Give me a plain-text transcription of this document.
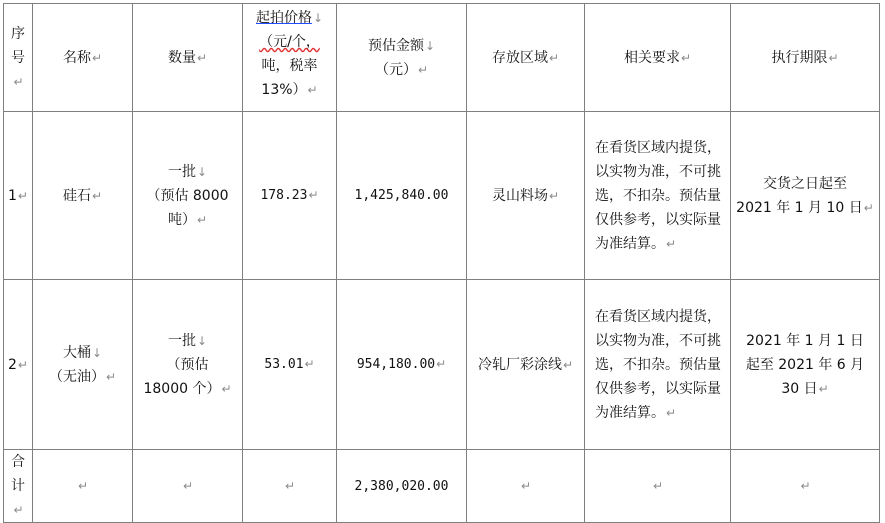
序
号↵	名称↵	数量↵	起拍价格↓
（元/个，
吨，税率
13%）↵	预估金额↓
（元）↵	存放区域↵	相关要求↵	执行期限↵
1↵	硅石↵	一批↓
（预估 8000
吨）↵	178.23↵	1,425,840.00	灵山料场↵	在看货区域内提货，以实物为准，不可挑选，不扣杂。预估量仅供参考，以实际量为准结算。↵	交货之日起至
2021 年 1 月 10 日↵
2↵	大桶↓
（无油）↵	一批↓
（预估
18000 个）↵	53.01↵	954,180.00↵	冷轧厂彩涂线↵	在看货区域内提货，以实物为准，不可挑选，不扣杂。预估量仅供参考，以实际量为准结算。↵	2021 年 1 月 1 日
起至 2021 年 6 月
30 日↵
合
计↵	↵	↵	↵	2,380,020.00	↵	↵	↵
